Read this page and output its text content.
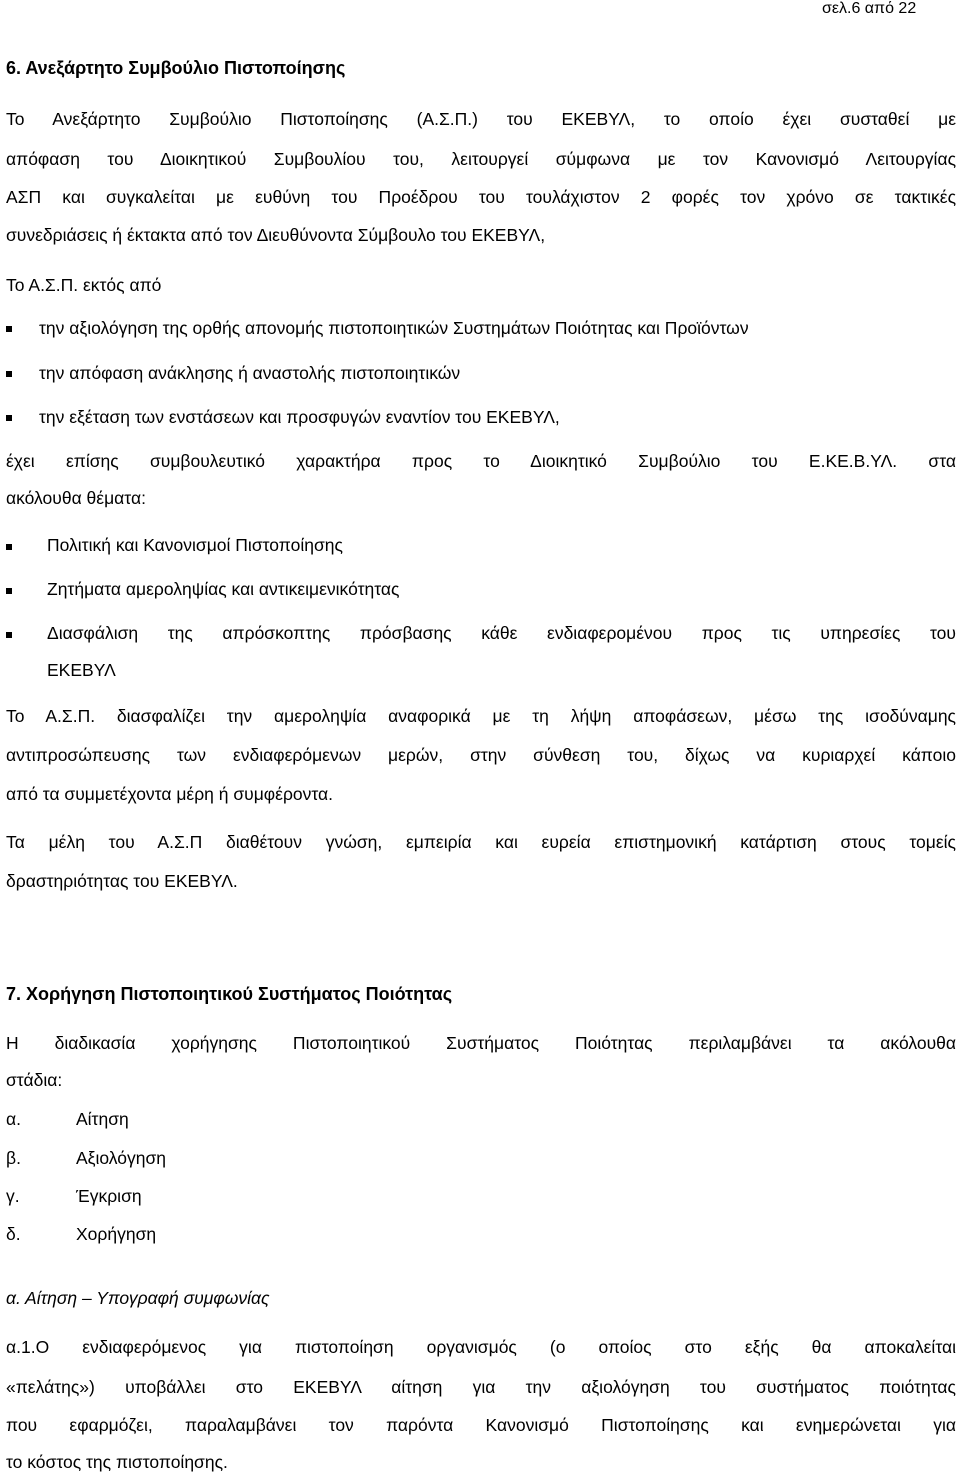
σελ.6 από 22
6. Ανεξάρτητο Συμβούλιο Πιστοποίησης
Το Ανεξάρτητο Συμβούλιο Πιστοποίησης (Α.Σ.Π.) του ΕΚΕΒΥΛ, το οποίο έχει συσταθεί με
απόφαση του Διοικητικού Συμβουλίου του, λειτουργεί σύμφωνα με τον Κανονισμό Λειτουργίας
ΑΣΠ και συγκαλείται με ευθύνη του Προέδρου του τουλάχιστον 2 φορές τον χρόνο σε τακτικές
συνεδριάσεις ή έκτακτα από τον Διευθύνοντα Σύμβουλο του ΕΚΕΒΥΛ,
Το Α.Σ.Π. εκτός από
την αξιολόγηση της ορθής απονομής πιστοποιητικών Συστημάτων Ποιότητας και Προϊόντων
την απόφαση ανάκλησης ή αναστολής πιστοποιητικών
την εξέταση των ενστάσεων και προσφυγών εναντίον του ΕΚΕΒΥΛ,
έχει επίσης συμβουλευτικό χαρακτήρα προς το Διοικητικό Συμβούλιο του Ε.ΚΕ.Β.ΥΛ. στα
ακόλουθα θέματα:
Πολιτική και Κανονισμοί Πιστοποίησης
Ζητήματα αμεροληψίας και αντικειμενικότητας
Διασφάλιση της απρόσκοπτης πρόσβασης κάθε ενδιαφερομένου προς τις υπηρεσίες του
ΕΚΕΒΥΛ
Το Α.Σ.Π. διασφαλίζει την αμεροληψία αναφορικά με τη λήψη αποφάσεων, μέσω της ισοδύναμης
αντιπροσώπευσης των ενδιαφερόμενων μερών, στην σύνθεση του, δίχως να κυριαρχεί κάποιο
από τα συμμετέχοντα μέρη ή συμφέροντα.
Τα μέλη του Α.Σ.Π διαθέτουν γνώση, εμπειρία και ευρεία επιστημονική κατάρτιση στους τομείς
δραστηριότητας του ΕΚΕΒΥΛ.
7. Χορήγηση Πιστοποιητικού Συστήματος Ποιότητας
Η διαδικασία χορήγησης Πιστοποιητικού Συστήματος Ποιότητας περιλαμβάνει τα ακόλουθα
στάδια:
α.	Αίτηση
β.	Αξιολόγηση
γ.	Έγκριση
δ.	Χορήγηση
α. Αίτηση – Υπογραφή συμφωνίας
α.1.Ο ενδιαφερόμενος για πιστοποίηση οργανισμός (ο οποίος στο εξής θα αποκαλείται
«πελάτης») υποβάλλει στο ΕΚΕΒΥΛ αίτηση για την αξιολόγηση του συστήματος ποιότητας
που εφαρμόζει, παραλαμβάνει τον παρόντα Κανονισμό Πιστοποίησης και ενημερώνεται για
το κόστος της πιστοποίησης.
